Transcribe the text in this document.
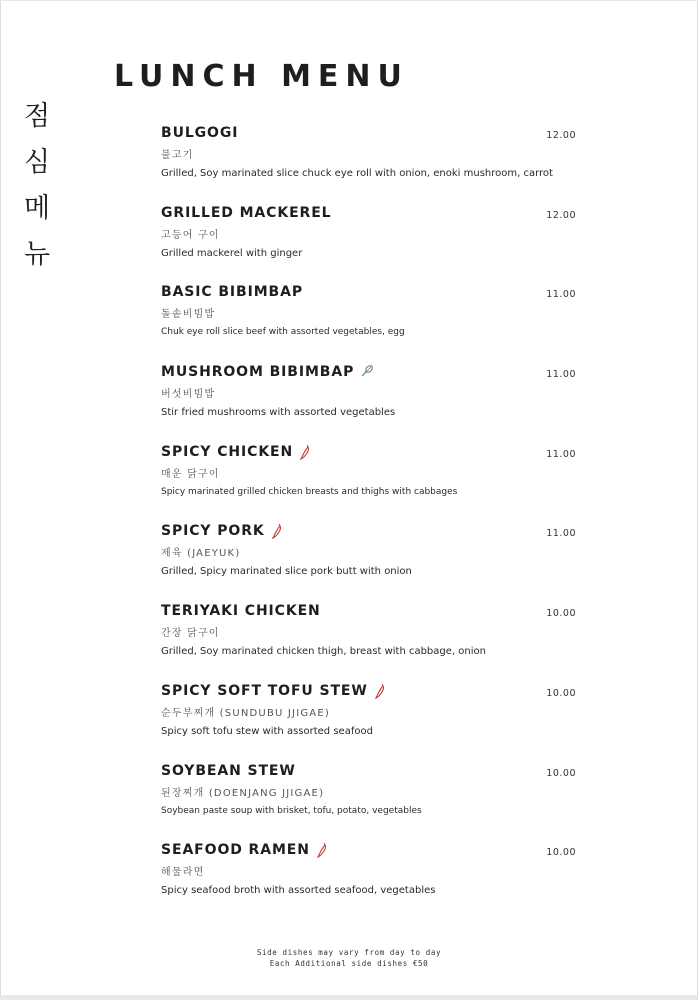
LUNCH MENU
점
심
메
뉴
BULGOGI	12.00
불고기
Grilled, Soy marinated slice chuck eye roll with onion, enoki mushroom, carrot
GRILLED MACKEREL	12.00
고등어 구이
Grilled mackerel with ginger
BASIC BIBIMBAP	11.00
돌솥비빔밥
Chuk eye roll slice beef with assorted vegetables, egg
MUSHROOM BIBIMBAP	11.00
버섯비빔밥
Stir fried mushrooms with assorted vegetables
SPICY CHICKEN	11.00
매운 닭구이
Spicy marinated grilled chicken breasts and thighs with cabbages
SPICY PORK	11.00
제육 (JAEYUK)
Grilled, Spicy marinated slice pork butt with onion
TERIYAKI CHICKEN	10.00
간장 닭구이
Grilled, Soy marinated chicken thigh, breast with cabbage, onion
SPICY SOFT TOFU STEW	10.00
순두부찌개 (SUNDUBU JJIGAE)
Spicy soft tofu stew with assorted seafood
SOYBEAN STEW	10.00
된장찌개 (DOENJANG JJIGAE)
Soybean paste soup with brisket, tofu, potato, vegetables
SEAFOOD RAMEN	10.00
해물라면
Spicy seafood broth with assorted seafood, vegetables
Side dishes may vary from day to day
Each Additional side dishes €50
